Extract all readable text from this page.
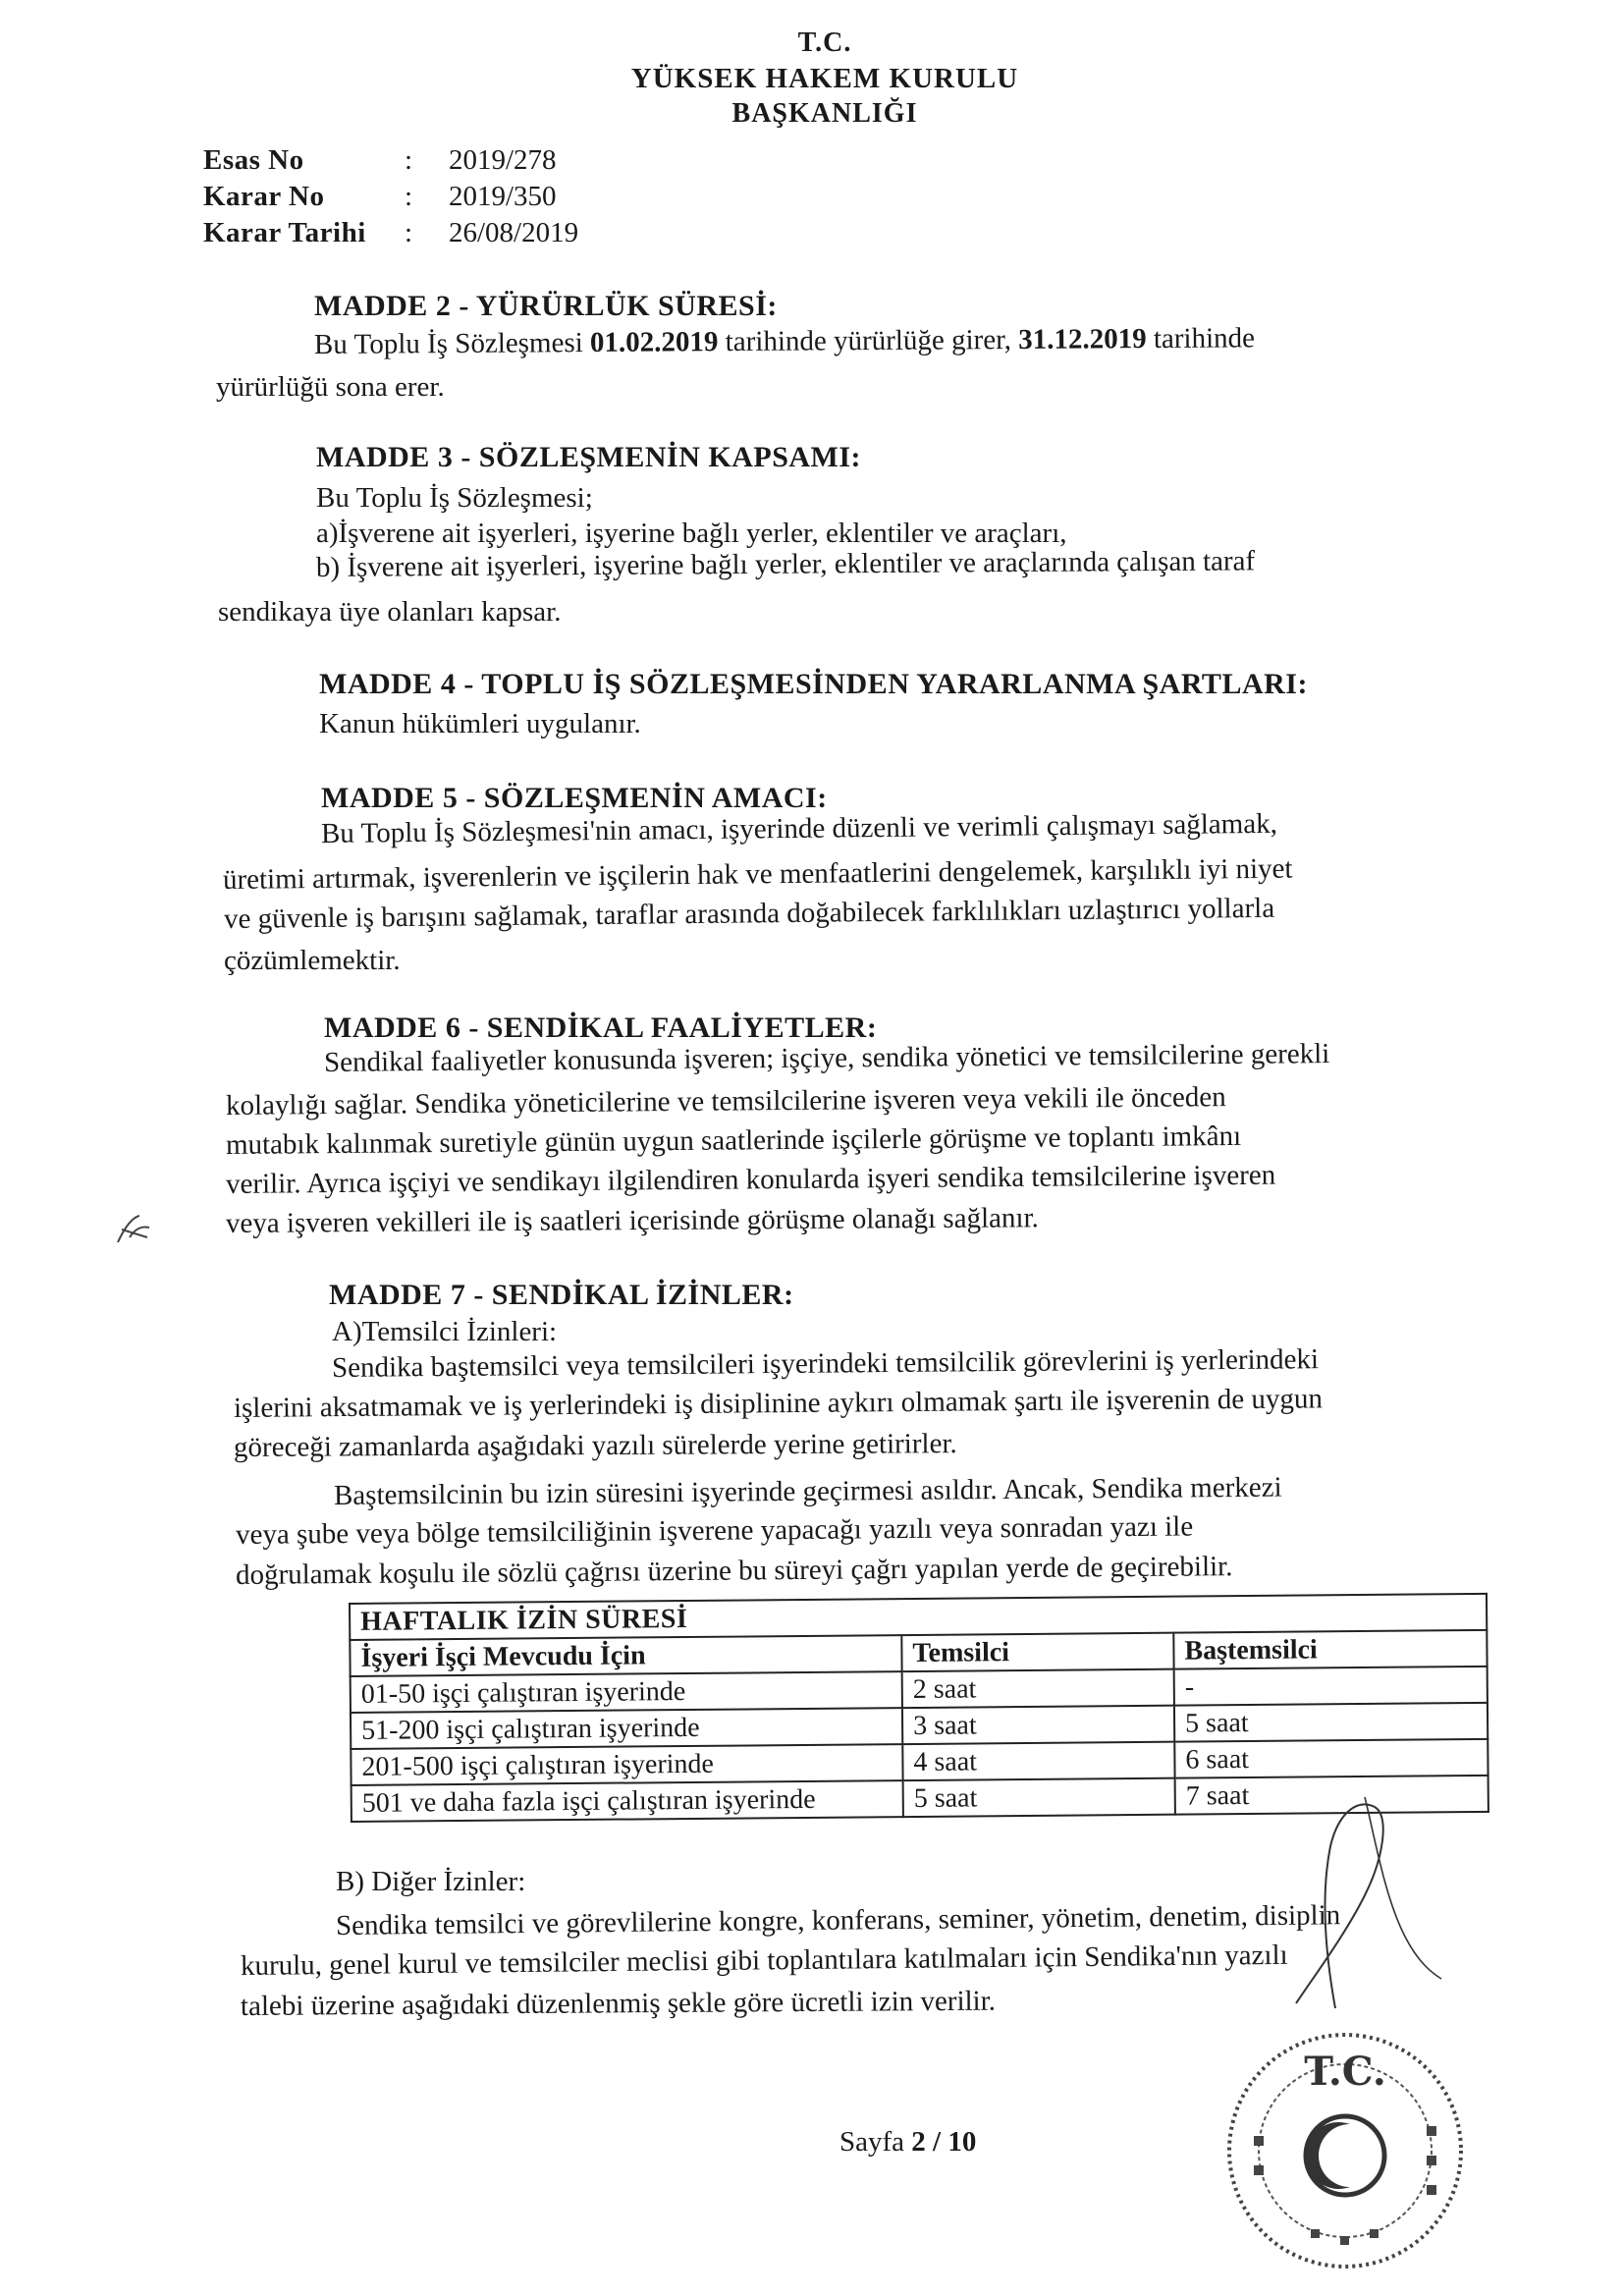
T.C.
YÜKSEK HAKEM KURULU
BAŞKANLIĞI
Esas No	:	2019/278
Karar No	:	2019/350
Karar Tarihi	:	26/08/2019
MADDE 2 - YÜRÜRLÜK SÜRESİ:
Bu Toplu İş Sözleşmesi 01.02.2019 tarihinde yürürlüğe girer, 31.12.2019 tarihinde
yürürlüğü sona erer.
MADDE 3 - SÖZLEŞMENİN KAPSAMI:
Bu Toplu İş Sözleşmesi;
a)İşverene ait işyerleri, işyerine bağlı yerler, eklentiler ve araçları,
b) İşverene ait işyerleri, işyerine bağlı yerler, eklentiler ve araçlarında çalışan taraf
sendikaya üye olanları kapsar.
MADDE 4 - TOPLU İŞ SÖZLEŞMESİNDEN YARARLANMA ŞARTLARI:
Kanun hükümleri uygulanır.
MADDE 5 - SÖZLEŞMENİN AMACI:
Bu Toplu İş Sözleşmesi'nin amacı, işyerinde düzenli ve verimli çalışmayı sağlamak,
üretimi artırmak, işverenlerin ve işçilerin hak ve menfaatlerini dengelemek, karşılıklı iyi niyet
ve güvenle iş barışını sağlamak, taraflar arasında doğabilecek farklılıkları uzlaştırıcı yollarla
çözümlemektir.
MADDE 6 - SENDİKAL FAALİYETLER:
Sendikal faaliyetler konusunda işveren; işçiye, sendika yönetici ve temsilcilerine gerekli
kolaylığı sağlar. Sendika yöneticilerine ve temsilcilerine işveren veya vekili ile önceden
mutabık kalınmak suretiyle günün uygun saatlerinde işçilerle görüşme ve toplantı imkânı
verilir. Ayrıca işçiyi ve sendikayı ilgilendiren konularda işyeri sendika temsilcilerine işveren
veya işveren vekilleri ile iş saatleri içerisinde görüşme olanağı sağlanır.
MADDE 7 - SENDİKAL İZİNLER:
A)Temsilci İzinleri:
Sendika baştemsilci veya temsilcileri işyerindeki temsilcilik görevlerini iş yerlerindeki
işlerini aksatmamak ve iş yerlerindeki iş disiplinine aykırı olmamak şartı ile işverenin de uygun
göreceği zamanlarda aşağıdaki yazılı sürelerde yerine getirirler.
Baştemsilcinin bu izin süresini işyerinde geçirmesi asıldır. Ancak, Sendika merkezi
veya şube veya bölge temsilciliğinin işverene yapacağı yazılı veya sonradan yazı ile
doğrulamak koşulu ile sözlü çağrısı üzerine bu süreyi çağrı yapılan yerde de geçirebilir.
HAFTALIK İZİN SÜRESİ		
İşyeri İşçi Mevcudu İçin	Temsilci	Baştemsilci
01-50 işçi çalıştıran işyerinde	2 saat	-
51-200 işçi çalıştıran işyerinde	3 saat	5 saat
201-500 işçi çalıştıran işyerinde	4 saat	6 saat
501 ve daha fazla işçi çalıştıran işyerinde	5 saat	7 saat
B) Diğer İzinler:
Sendika temsilci ve görevlilerine kongre, konferans, seminer, yönetim, denetim, disiplin
kurulu, genel kurul ve temsilciler meclisi gibi toplantılara katılmaları için Sendika'nın yazılı
talebi üzerine aşağıdaki düzenlenmiş şekle göre ücretli izin verilir.
Sayfa 2 / 10
T.C.
